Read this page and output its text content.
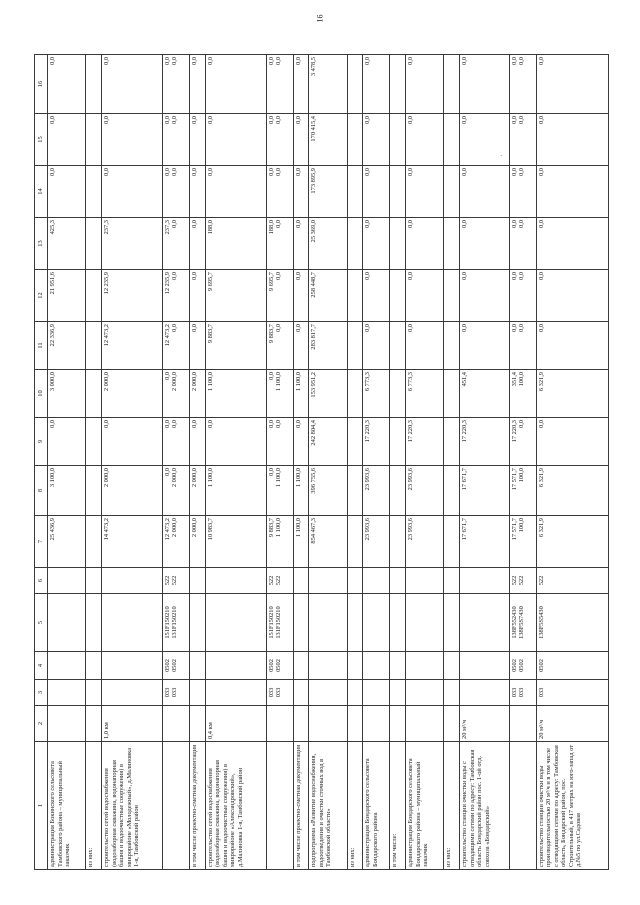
16
·
1	2	3	4	5	6	7	8	9	10	11	12	13	14	15	16
администрация Бокинского сельсовета Тамбовского района – муниципальный заказчик						25 436,9	3 100,0	0,0	3 000,0	22 336,9	21 951,6	425,3	0,0	0,0	0,0

из них:															
строительство сетей водоснабжения (водозаборная скважина, водонапорная башня и водоочистные сооружения) в микрорайоне «Молодежный», д.Малиновка 1-я, Тамбовский район	1,0 км					14 473,2	2 000,0	0,0	2 000,0	12 473,2	12 235,9	237,3	0,0	0,0	0,0

		033 033	0502 0502	151F150210 131F150210	522 522	12 473,2 2 000,0	0,0 2 000,0	0,0 0,0	0,0 2 000,0	12 473,2 0,0	12 235,9 0,0	237,3 0,0	0,0 0,0	0,0 0,0	0,0 0,0

в том числе проектно-сметная документация						2 000,0	2 000,0	0,0	2 000,0	0,0	0,0	0,0	0,0	0,0	0,0

строительство сетей водоснабжения (водозаборная скважина, водонапорная башня и водоочистные сооружения) в микрорайоне «Александровский», д.Малиновка 1-я, Тамбовский район	0,4 км					10 983,7	1 100,0	0,0	1 100,0	9 883,7	9 695,7	188,0	0,0	0,0	0,0

		033 033	0502 0502	151F150210 131F150210	522 522	9 883,7 1 100,0	0,0 1 100,0	0,0 0,0	0,0 1 100,0	9 883,7 0,0	9 695,7 0,0	188,0 0,0	0,0 0,0	0,0 0,0	0,0 0,0

в том числе проектно-сметная документация						1 100,0	1 100,0	0,0	1 100,0	0,0	0,0	0,0	0,0	0,0	0,0

подпрограмма «Развитие водоснабжения, водоотведения и очистки сточных вод в Тамбовской области»						854 467,3	396 755,6	242 804,4	153 951,2	283 817,7	258 448,7	25 369,0	173 895,9	170 415,4	3 478,5

из них:															
администрация Бондарского сельсовета Бондарского района						23 993,6	23 993,6	17 220,3	6 773,3	0,0	0,0	0,0	0,0	0,0	0,0

в том числе:															
администрация Бондарского сельсовета Бондарского района – муниципальный заказчик						23 993,6	23 993,6	17 220,3	6 773,3	0,0	0,0	0,0	0,0	0,0	0,0

из них:															
строительство станции очистки воды с отводящими сетями по адресу: Тамбовская область Бондарский район пос. 1-ой отд. совхоза «Бондарский»	20 м³/ч					17 671,7	17 671,7	17 220,3	451,4	0,0	0,0	0,0	0,0	0,0	0,0

		033 033	0502 0502	138F552430 138F5S7430	522 522	17 571,7 100,0	17 571,7 100,0	17 220,3 0,0	351,4 100,0	0,0 0,0	0,0 0,0	0,0 0,0	0,0 0,0	0,0 0,0	0,0 0,0

строительство станции очистки воды производительностью 20 м³/ч и в том числе с отводящими сетями по адресу: Тамбовская область, Бондарский район, пос. Строительный, в 417 метрах на юго-запад от д.№5 по ул.Садовая	20 м³/ч	033	0502	138F5S5430	522	6 321,9	6 321,9	0,0	6 321,9	0,0	0,0	0,0	0,0	0,0	0,0
